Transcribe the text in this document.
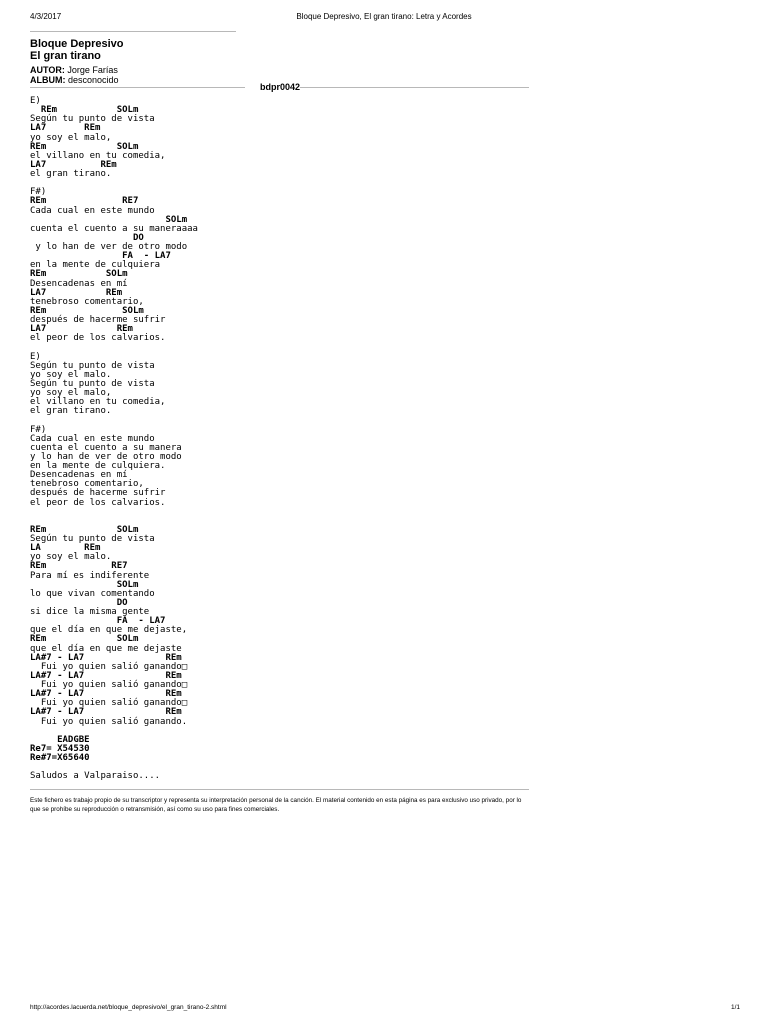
4/3/2017	Bloque Depresivo, El gran tirano: Letra y Acordes
Bloque Depresivo
El gran tirano
AUTOR: Jorge Farías
ALBUM: desconocido
bdpr0042
E)
REm           SOLm
Según tu punto de vista
LA7       REm
yo soy el malo,
REm             SOLm
el villano en tu comedia,
LA7          REm
el gran tirano.

F#)
REm              RE7
Cada cual en este mundo
SOLm
cuenta el cuento a su maneraaaa
DO
y lo han de ver de otro modo
FA  - LA7
en la mente de culquiera
REm           SOLm
Desencadenas en mí
LA7           REm
tenebroso comentario,
REm              SOLm
después de hacerme sufrir
LA7             REm
el peor de los calvarios.

E)
Según tu punto de vista
yo soy el malo.
Según tu punto de vista
yo soy el malo,
el villano en tu comedia,
el gran tirano.

F#)
Cada cual en este mundo
cuenta el cuento a su manera
y lo han de ver de otro modo
en la mente de culquiera.
Desencadenas en mí
tenebroso comentario,
después de hacerme sufrir
el peor de los calvarios.

REm             SOLm
Según tu punto de vista
LA        REm
yo soy el malo.
REm            RE7
Para mí es indiferente
SOLm
lo que vivan comentando
DO
si dice la misma gente
FA  - LA7
que el día en que me dejaste,
REm             SOLm
que el día en que me dejaste
LA#7 - LA7               REm
Fui yo quien salió ganando□
LA#7 - LA7               REm
Fui yo quien salió ganando□
LA#7 - LA7               REm
Fui yo quien salió ganando□
LA#7 - LA7               REm
Fui yo quien salió ganando.

EADGBE
Re7= X545З0
Re#7=X65640

Saludos a Valparaiso....

Este fichero es trabajo propio de su transcriptor y representa su interpretación personal de la canción. El material contenido en esta página es para exclusivo uso privado, por lo que se prohíbe su reproducción o retransmisión, así como su uso para fines comerciales.
http://acordes.lacuerda.net/bloque_depresivo/el_gran_tirano-2.shtml	1/1
